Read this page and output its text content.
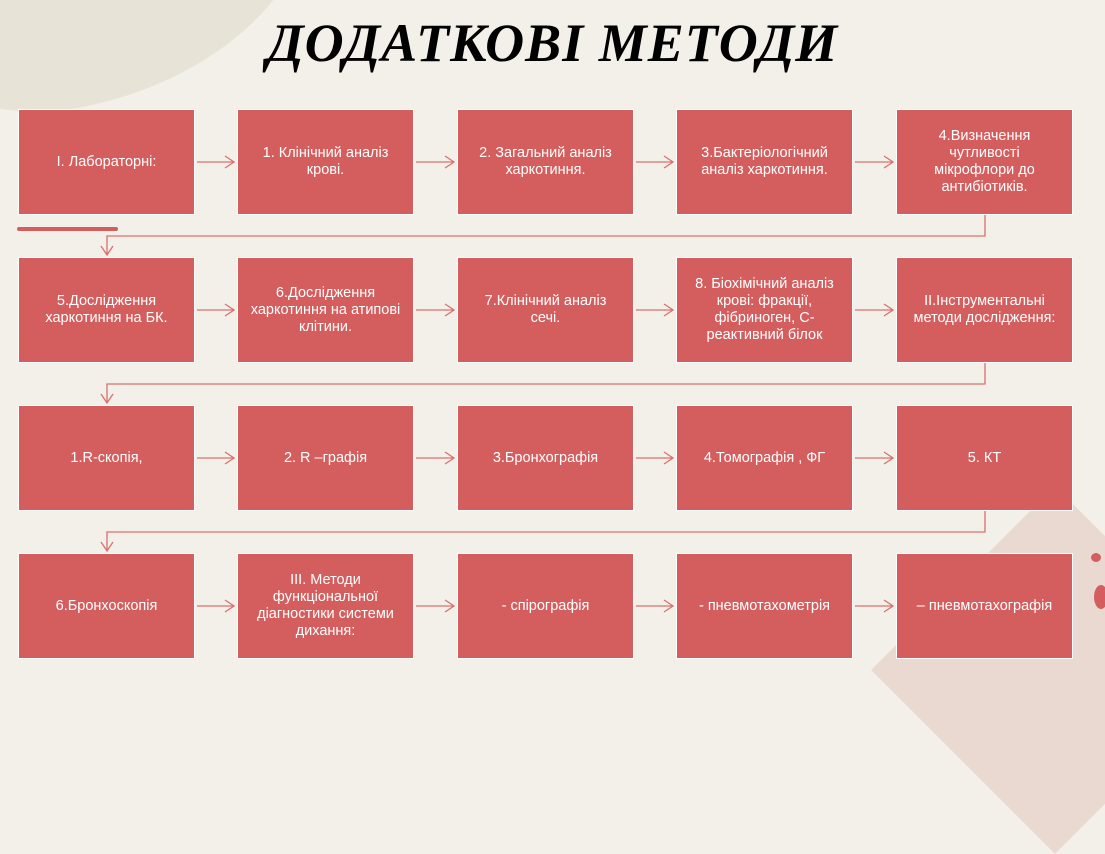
ДОДАТКОВІ МЕТОДИ
I. Лабораторні:
1. Клінічний аналіз крові.
2. Загальний аналіз харкотиння.
3.Бактеріологічний аналіз харкотиння.
4.Визначення чутливості мікрофлори до антибіотиків.
5.Дослідження харкотиння на БК.
6.Дослідження харкотиння на атипові клітини.
7.Клінічний аналіз сечі.
8. Біохімічний аналіз крові: фракції, фібриноген, С-реактивний білок
II.Інструментальні методи дослідження:
1.R-скопія,	2. R –графія	3.Бронхографія	4.Томографія , ФГ	5. КТ
6.Бронхоскопія
III. Методи функціональної діагностики системи дихання:
- спірографія	- пневмотахометрія	– пневмотахографія
